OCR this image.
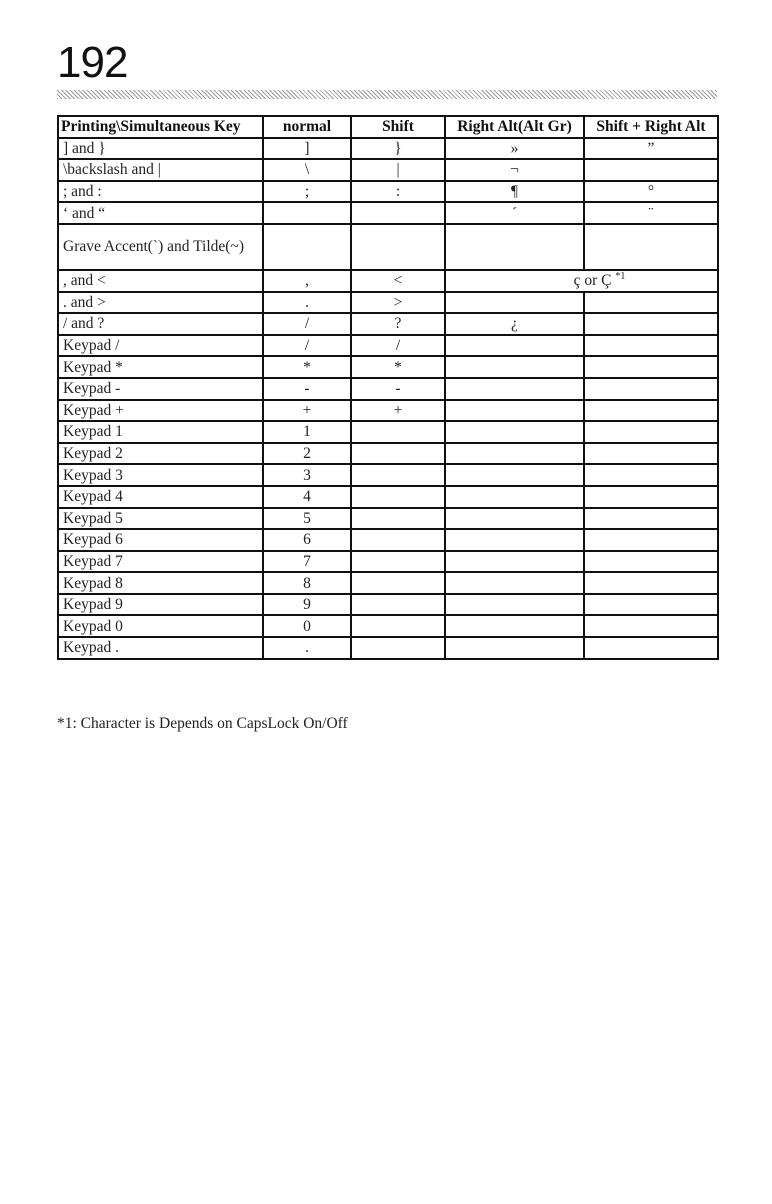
192
Printing\Simultaneous Key	normal	Shift	Right Alt(Alt Gr)	Shift + Right Alt
] and }	]	}	»	”
\backslash and |	\	|	¬	
; and :	;	:	¶	°
‘ and “			´	¨
Grave Accent(`) and Tilde(~)				
, and <	,	<	ç or Ç $^{*1}$
. and >	.	>		
/ and ?	/	?	¿	
Keypad /	/	/		
Keypad *	*	*		
Keypad -	-	-		
Keypad +	+	+		
Keypad 1	1			
Keypad 2	2			
Keypad 3	3			
Keypad 4	4			
Keypad 5	5			
Keypad 6	6			
Keypad 7	7			
Keypad 8	8			
Keypad 9	9			
Keypad 0	0			
Keypad .	.			
*1: Character is Depends on CapsLock On/Off
